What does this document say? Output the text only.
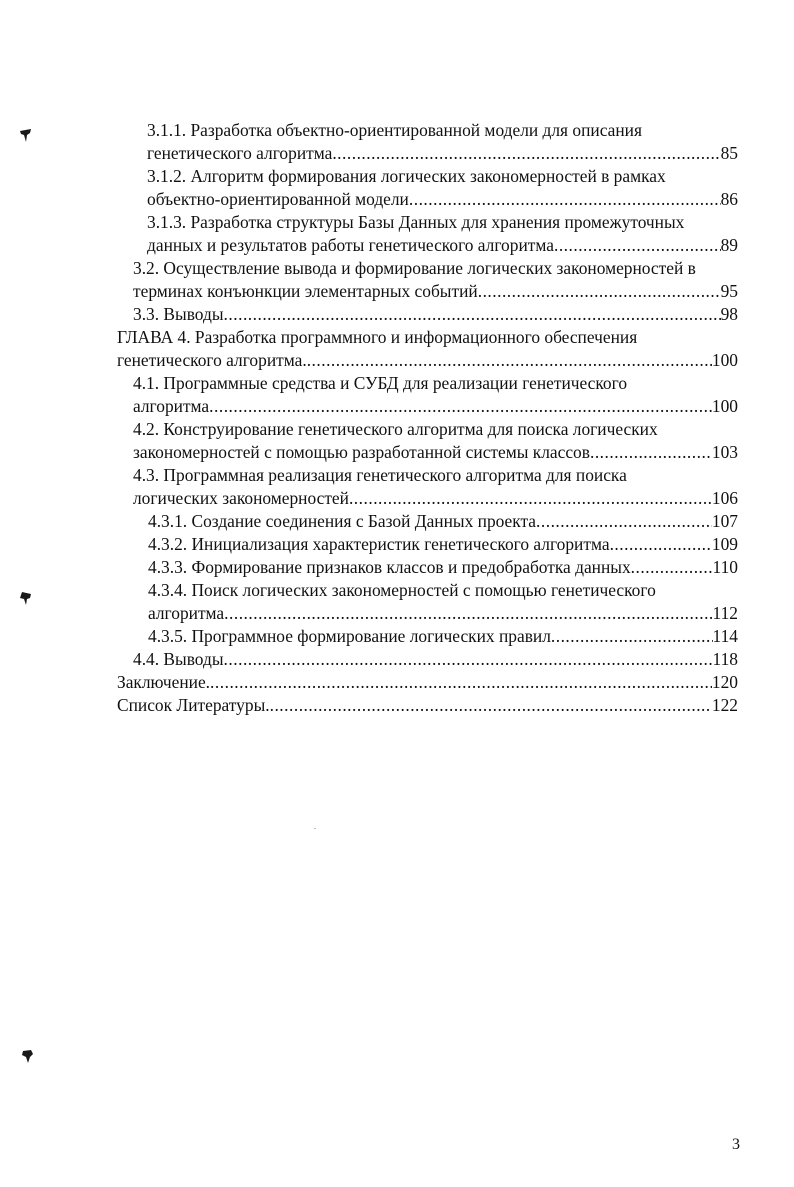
3.1.1. Разработка объектно-ориентированной модели для описания
генетического алгоритма .....	85
3.1.2. Алгоритм формирования логических закономерностей в рамках
объектно-ориентированной модели .....	86
3.1.3. Разработка структуры Базы Данных для хранения промежуточных
данных и результатов работы генетического алгоритма .....	89
3.2. Осуществление вывода и формирование логических закономерностей в
терминах конъюнкции элементарных событий .....	95
3.3. Выводы .....	98
ГЛАВА 4. Разработка программного и информационного обеспечения
генетического алгоритма. .....	100
4.1. Программные средства и СУБД для реализации генетического
алгоритма .....	100
4.2. Конструирование генетического алгоритма для поиска логических
закономерностей с помощью разработанной системы классов .....	103
4.3. Программная реализация генетического алгоритма для поиска
логических закономерностей .....	106
4.3.1. Создание соединения с Базой Данных проекта .....	107
4.3.2. Инициализация характеристик генетического алгоритма .....	109
4.3.3. Формирование признаков классов и предобработка данных .....	110
4.3.4. Поиск логических закономерностей с помощью генетического
алгоритма .....	112
4.3.5. Программное формирование логических правил .....	114
4.4. Выводы .....	118
Заключение. .....	120
Список Литературы. .....	122
3
